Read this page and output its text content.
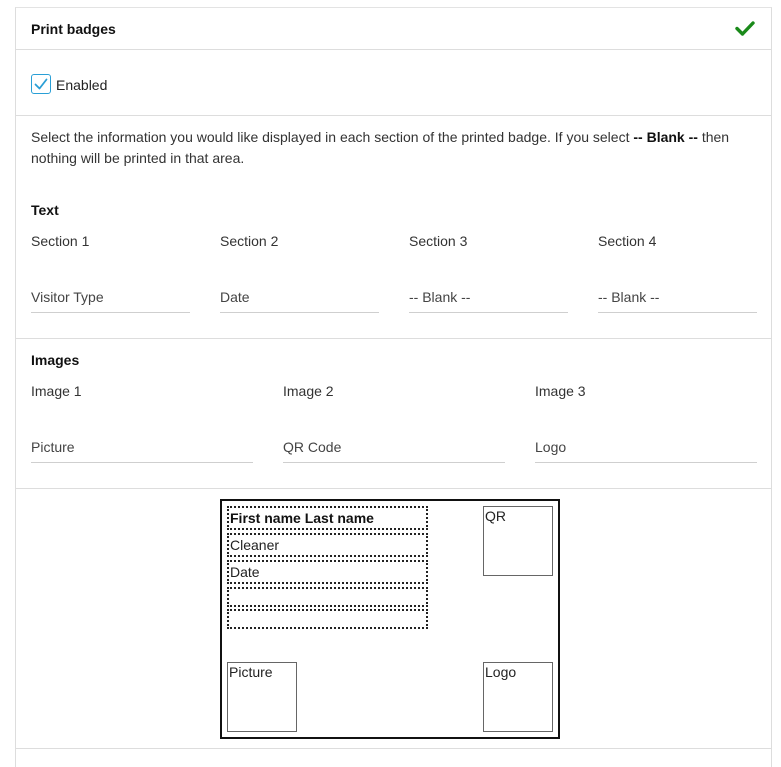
Print badges
Enabled
Select the information you would like displayed in each section of the printed badge. If you select -- Blank -- then nothing will be printed in that area.
Text
Section 1	Section 2	Section 3	Section 4
Visitor Type	Date	-- Blank --	-- Blank --
Images
Image 1	Image 2	Image 3
Picture	QR Code	Logo
First name Last name
Cleaner
Date
QR
Picture	Logo
